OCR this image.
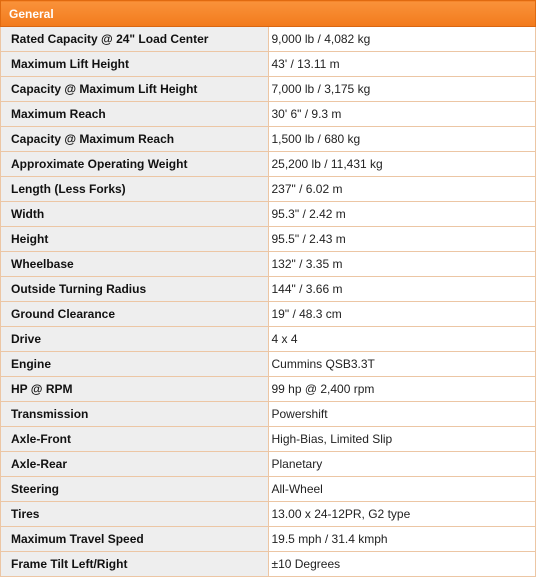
General	
Rated Capacity @ 24" Load Center	9,000 lb / 4,082 kg
Maximum Lift Height	43' / 13.11 m
Capacity @ Maximum Lift Height	7,000 lb / 3,175 kg
Maximum Reach	30' 6" / 9.3 m
Capacity @ Maximum Reach	1,500 lb / 680 kg
Approximate Operating Weight	25,200 lb / 11,431 kg
Length (Less Forks)	237" / 6.02 m
Width	95.3" / 2.42 m
Height	95.5" / 2.43 m
Wheelbase	132" / 3.35 m
Outside Turning Radius	144" / 3.66 m
Ground Clearance	19" / 48.3 cm
Drive	4 x 4
Engine	Cummins QSB3.3T
HP @ RPM	99 hp @ 2,400 rpm
Transmission	Powershift
Axle-Front	High-Bias, Limited Slip
Axle-Rear	Planetary
Steering	All-Wheel
Tires	13.00 x 24-12PR, G2 type
Maximum Travel Speed	19.5 mph / 31.4 kmph
Frame Tilt Left/Right	±10 Degrees
